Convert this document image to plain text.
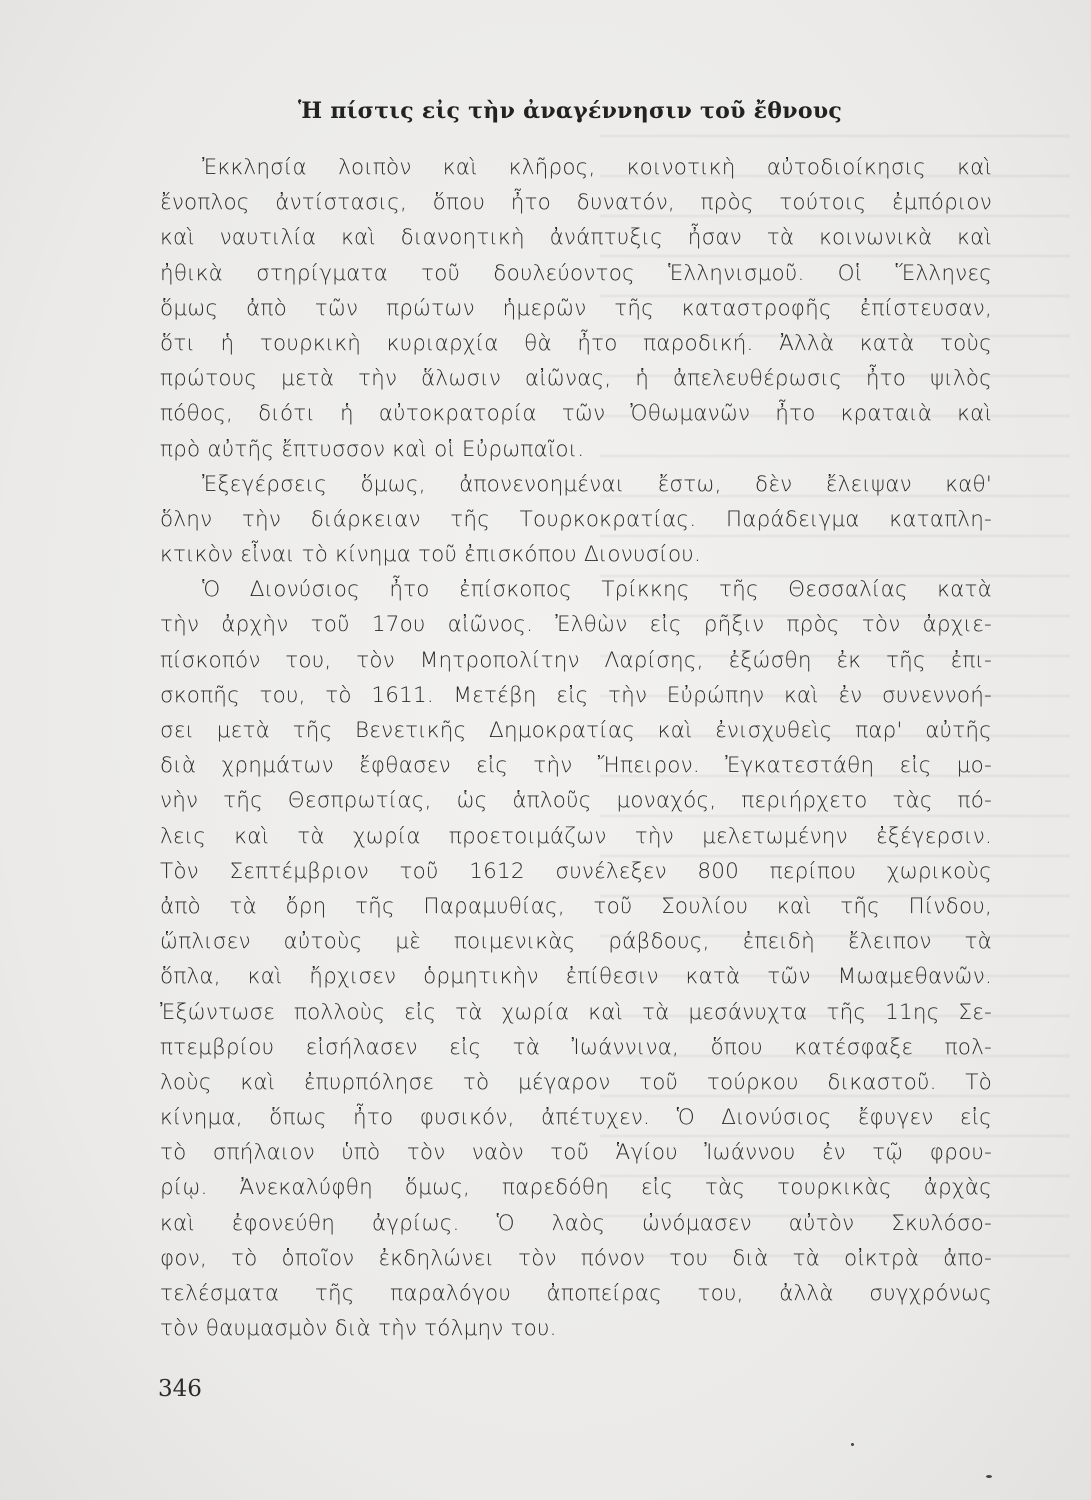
Ἡ πίστις εἰς τὴν ἀναγέννησιν τοῦ ἔθνους
Ἐκκλησία λοιπὸν καὶ κλῆρος, κοινοτικὴ αὐτοδιοίκησις καὶ
ἔνοπλος ἀντίστασις, ὅπου ἦτο δυνατόν, πρὸς τούτοις ἐμπόριον
καὶ ναυτιλία καὶ διανοητικὴ ἀνάπτυξις ἦσαν τὰ κοινωνικὰ καὶ
ἠθικὰ στηρίγματα τοῦ δουλεύοντος Ἑλληνισμοῦ. Οἱ Ἕλληνες
ὅμως ἀπὸ τῶν πρώτων ἡμερῶν τῆς καταστροφῆς ἐπίστευσαν,
ὅτι ἡ τουρκικὴ κυριαρχία θὰ ἦτο παροδική. Ἀλλὰ κατὰ τοὺς
πρώτους μετὰ τὴν ἅλωσιν αἰῶνας, ἡ ἀπελευθέρωσις ἦτο ψιλὸς
πόθος, διότι ἡ αὐτοκρατορία τῶν Ὀθωμανῶν ἦτο κραταιὰ καὶ
πρὸ αὐτῆς ἔπτυσσον καὶ οἱ Εὐρωπαῖοι.
Ἐξεγέρσεις ὅμως, ἀπονενοημέναι ἔστω, δὲν ἔλειψαν καθ'
ὅλην τὴν διάρκειαν τῆς Τουρκοκρατίας. Παράδειγμα καταπλη-
κτικὸν εἶναι τὸ κίνημα τοῦ ἐπισκόπου Διονυσίου.
Ὁ Διονύσιος ἦτο ἐπίσκοπος Τρίκκης τῆς Θεσσαλίας κατὰ
τὴν ἀρχὴν τοῦ 17ου αἰῶνος. Ἐλθὼν εἰς ρῆξιν πρὸς τὸν ἀρχιε-
πίσκοπόν του, τὸν Μητροπολίτην Λαρίσης, ἐξώσθη ἐκ τῆς ἐπι-
σκοπῆς του, τὸ 1611. Μετέβη εἰς τὴν Εὐρώπην καὶ ἐν συνεννοή-
σει μετὰ τῆς Βενετικῆς Δημοκρατίας καὶ ἐνισχυθεὶς παρ' αὐτῆς
διὰ χρημάτων ἔφθασεν εἰς τὴν Ἤπειρον. Ἐγκατεστάθη εἰς μο-
νὴν τῆς Θεσπρωτίας, ὡς ἁπλοῦς μοναχός, περιήρχετο τὰς πό-
λεις καὶ τὰ χωρία προετοιμάζων τὴν μελετωμένην ἐξέγερσιν.
Τὸν Σεπτέμβριον τοῦ 1612 συνέλεξεν 800 περίπου χωρικοὺς
ἀπὸ τὰ ὄρη τῆς Παραμυθίας, τοῦ Σουλίου καὶ τῆς Πίνδου,
ὥπλισεν αὐτοὺς μὲ ποιμενικὰς ράβδους, ἐπειδὴ ἔλειπον τὰ
ὅπλα, καὶ ἤρχισεν ὁρμητικὴν ἐπίθεσιν κατὰ τῶν Μωαμεθανῶν.
Ἐξώντωσε πολλοὺς εἰς τὰ χωρία καὶ τὰ μεσάνυχτα τῆς 11ης Σε-
πτεμβρίου εἰσήλασεν εἰς τὰ Ἰωάννινα, ὅπου κατέσφαξε πολ-
λοὺς καὶ ἐπυρπόλησε τὸ μέγαρον τοῦ τούρκου δικαστοῦ. Τὸ
κίνημα, ὅπως ἦτο φυσικόν, ἀπέτυχεν. Ὁ Διονύσιος ἔφυγεν εἰς
τὸ σπήλαιον ὑπὸ τὸν ναὸν τοῦ Ἁγίου Ἰωάννου ἐν τῷ φρου-
ρίῳ. Ἀνεκαλύφθη ὅμως, παρεδόθη εἰς τὰς τουρκικὰς ἀρχὰς
καὶ ἐφονεύθη ἀγρίως. Ὁ λαὸς ὠνόμασεν αὐτὸν Σκυλόσο-
φον, τὸ ὁποῖον ἐκδηλώνει τὸν πόνον του διὰ τὰ οἰκτρὰ ἀπο-
τελέσματα τῆς παραλόγου ἀποπείρας του, ἀλλὰ συγχρόνως
τὸν θαυμασμὸν διὰ τὴν τόλμην του.
346
